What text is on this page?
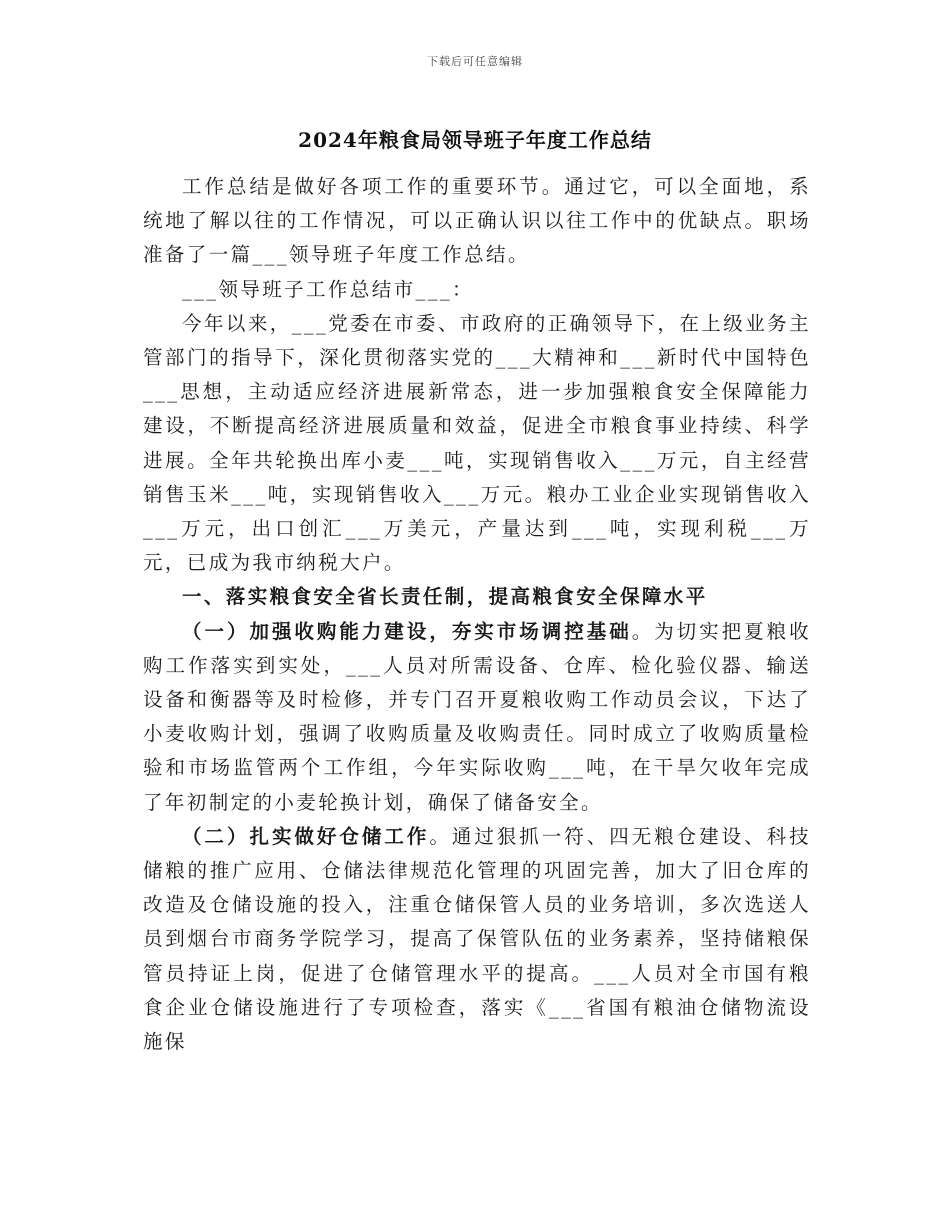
下载后可任意编辑
2024年粮食局领导班子年度工作总结

工作总结是做好各项工作的重要环节。通过它，可以全面地，系统地了解以往的工作情况，可以正确认识以往工作中的优缺点。职场准备了一篇___领导班子年度工作总结。

___领导班子工作总结市___：

今年以来，___党委在市委、市政府的正确领导下，在上级业务主管部门的指导下，深化贯彻落实党的___大精神和___新时代中国特色___思想，主动适应经济进展新常态，进一步加强粮食安全保障能力建设，不断提高经济进展质量和效益，促进全市粮食事业持续、科学进展。全年共轮换出库小麦___吨，实现销售收入___万元，自主经营销售玉米___吨，实现销售收入___万元。粮办工业企业实现销售收入___万元，出口创汇___万美元，产量达到___吨，实现利税___万元，已成为我市纳税大户。

一、落实粮食安全省长责任制，提高粮食安全保障水平

（一）加强收购能力建设，夯实市场调控基础。为切实把夏粮收购工作落实到实处，___人员对所需设备、仓库、检化验仪器、输送设备和衡器等及时检修，并专门召开夏粮收购工作动员会议，下达了小麦收购计划，强调了收购质量及收购责任。同时成立了收购质量检验和市场监管两个工作组，今年实际收购___吨，在干旱欠收年完成了年初制定的小麦轮换计划，确保了储备安全。

（二）扎实做好仓储工作。通过狠抓一符、四无粮仓建设、科技储粮的推广应用、仓储法律规范化管理的巩固完善，加大了旧仓库的改造及仓储设施的投入，注重仓储保管人员的业务培训，多次选送人员到烟台市商务学院学习，提高了保管队伍的业务素养，坚持储粮保管员持证上岗，促进了仓储管理水平的提高。___人员对全市国有粮食企业仓储设施进行了专项检查，落实《___省国有粮油仓储物流设施保
